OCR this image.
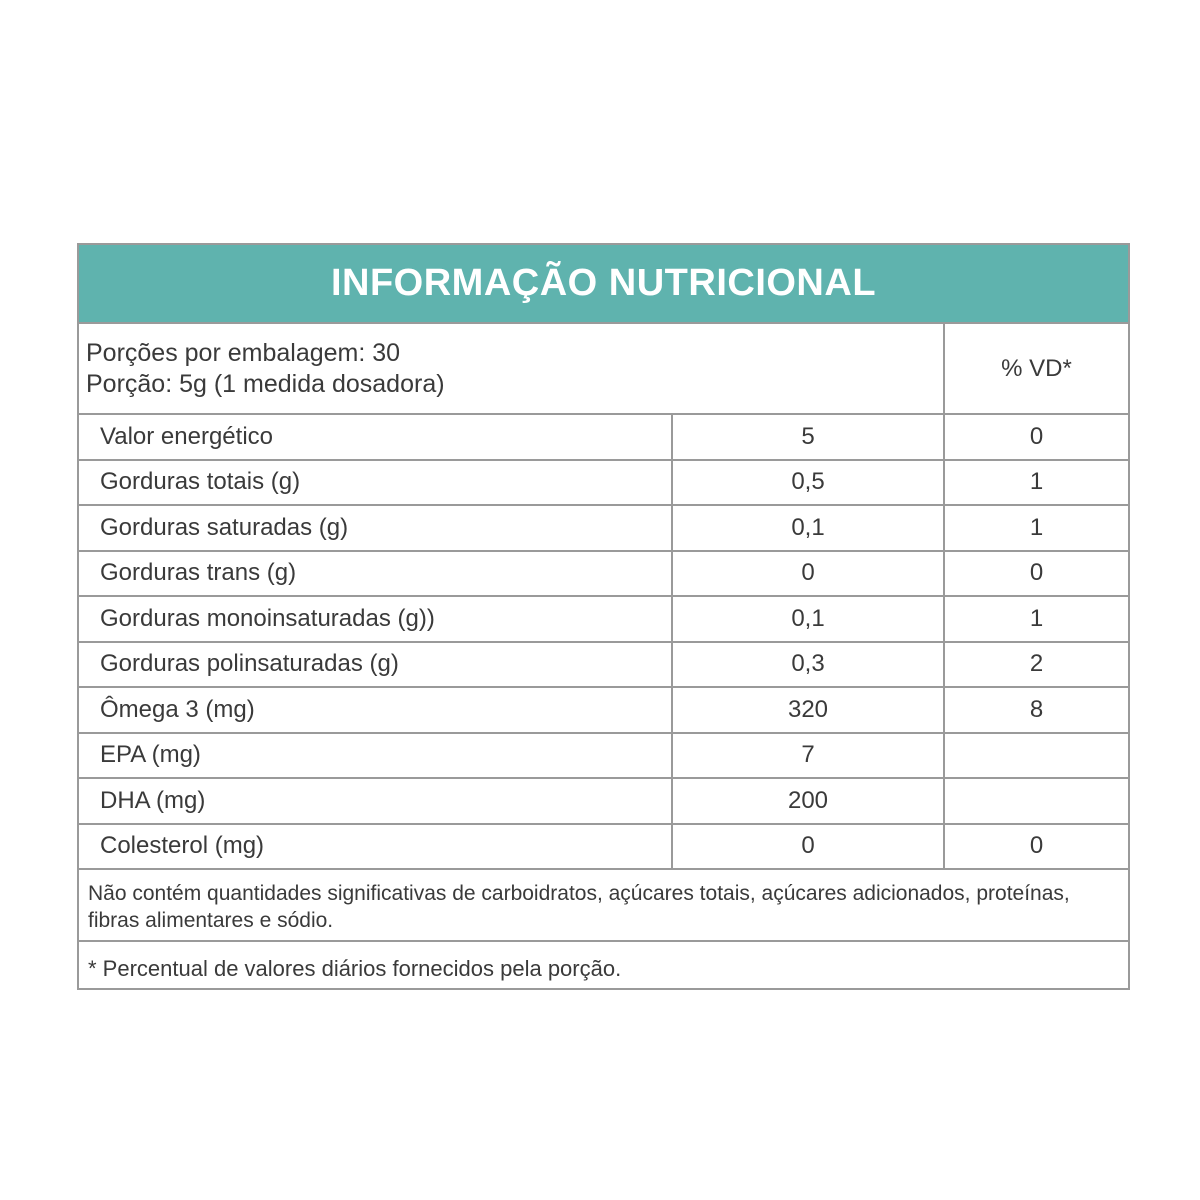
INFORMAÇÃO NUTRICIONAL
Porções por embalagem: 30
Porção: 5g (1 medida dosadora)
% VD*
Valor energético	5	0
Gorduras totais (g)	0,5	1
Gorduras saturadas (g)	0,1	1
Gorduras trans (g)	0	0
Gorduras monoinsaturadas (g))	0,1	1
Gorduras polinsaturadas (g)	0,3	2
Ômega 3 (mg)	320	8
EPA (mg)	7
DHA (mg)	200
Colesterol (mg)	0	0
Não contém quantidades significativas de carboidratos, açúcares totais, açúcares adicionados, proteínas, fibras alimentares e sódio.
* Percentual de valores diários fornecidos pela porção.
